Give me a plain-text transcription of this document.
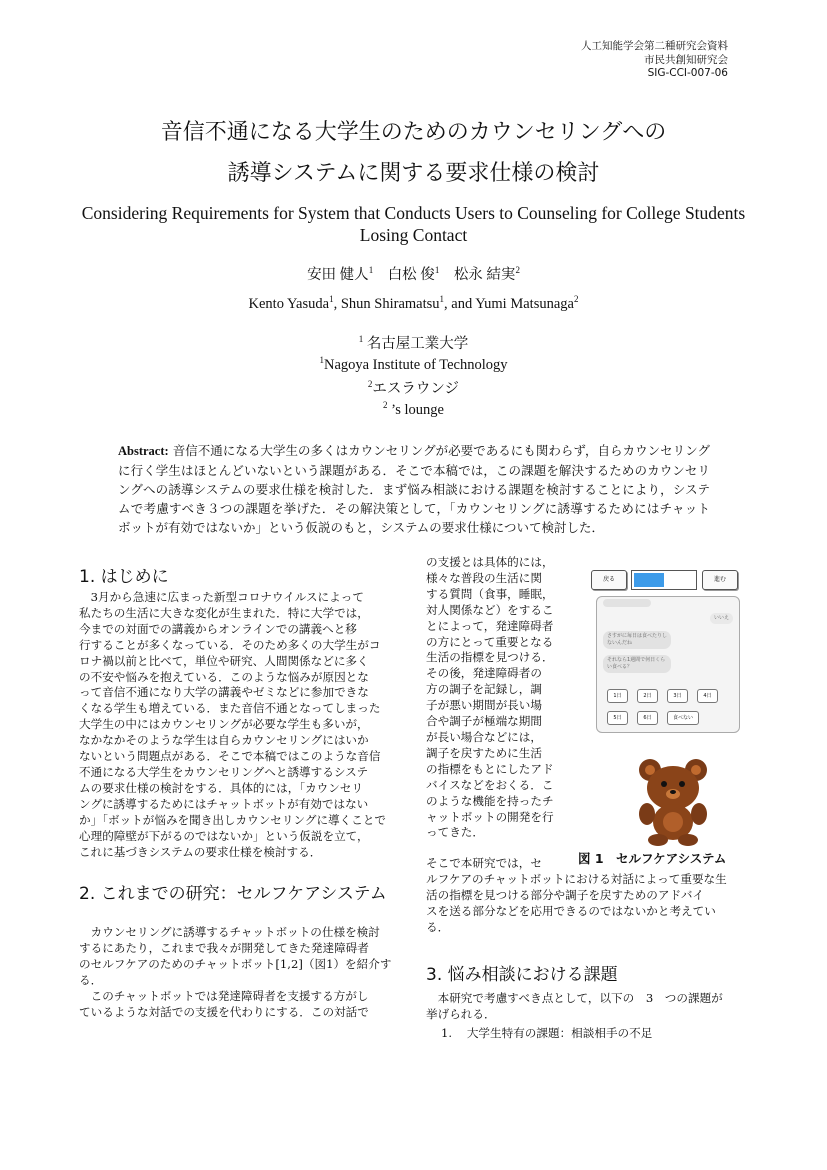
人工知能学会第二種研究会資料
市民共創知研究会
SIG-CCI-007-06
音信不通になる大学生のためのカウンセリングへの
誘導システムに関する要求仕様の検討
Considering Requirements for System that Conducts Users to Counseling for College Students Losing Contact
安田 健人$^1$ 白松 俊$^1$ 松永 結実$^2$
Kento Yasuda$^1$, Shun Shiramatsu$^1$, and Yumi Matsunaga$^2$
$^1$ 名古屋工業大学
$^1$Nagoya Institute of Technology
$^2$エスラウンジ
$^2$ ’s lounge
Abstract: 音信不通になる大学生の多くはカウンセリングが必要であるにも関わらず，自らカウンセリングに行く学生はほとんどいないという課題がある．そこで本稿では，この課題を解決するためのカウンセリングへの誘導システムの要求仕様を検討した．まず悩み相談における課題を検討することにより，システムで考慮すべき３つの課題を挙げた．その解決策として，「カウンセリングに誘導するためにはチャットボットが有効ではないか」という仮説のもと，システムの要求仕様について検討した．
1. はじめに
　3月から急速に広まった新型コロナウイルスによって
私たちの生活に大きな変化が生まれた．特に大学では，
今までの対面での講義からオンラインでの講義へと移
行することが多くなっている．そのため多くの大学生がコ
ロナ禍以前と比べて，単位や研究、人間関係などに多く
の不安や悩みを抱えている．このような悩みが原因とな
って音信不通になり大学の講義やゼミなどに参加できな
くなる学生も増えている．また音信不通となってしまった
大学生の中にはカウンセリングが必要な学生も多いが，
なかなかそのような学生は自らカウンセリングにはいか
ないという問題点がある．そこで本稿ではこのような音信
不通になる大学生をカウンセリングへと誘導するシステ
ムの要求仕様の検討をする．具体的には，「カウンセリ
ングに誘導するためにはチャットボットが有効ではない
か」「ボットが悩みを聞き出しカウンセリングに導くことで
心理的障壁が下がるのではないか」という仮説を立て，
これに基づきシステムの要求仕様を検討する．
2. これまでの研究：セルフケアシステム
　カウンセリングに誘導するチャットボットの仕様を検討
するにあたり，これまで我々が開発してきた発達障碍者
のセルフケアのためのチャットボット[1,2]（図1）を紹介す
る．
　このチャットボットでは発達障碍者を支援する方がし
ているような対話での支援を代わりにする．この対話で
の支援とは具体的には，
様々な普段の生活に関
する質問（食事，睡眠，
対人関係など）をするこ
とによって，発達障碍者
の方にとって重要となる
生活の指標を見つける．
その後，発達障碍者の
方の調子を記録し，調
子が悪い期間が長い場
合や調子が極端な期間
が長い場合などには，
調子を戻すために生活
の指標をもとにしたアド
バイスなどをおくる．こ
のような機能を持ったチ
ャットボットの開発を行
ってきた．
そこで本研究では，セ
ルフケアのチャットボットにおける対話によって重要な生
活の指標を見つける部分や調子を戻すためのアドバイ
スを送る部分などを応用できるのではないかと考えてい
る．
3. 悩み相談における課題
　本研究で考慮すべき点として，以下の　3　つの課題が
挙げられる．
1. 大学生特有の課題：相談相手の不足
戻る	進む
いいえ
さすがに毎日は食べたりしないんだね
それなら1週間で何日くらい食べる？
1日	2日	3日	4日
5日	6日	食べない
図 1　セルフケアシステム
